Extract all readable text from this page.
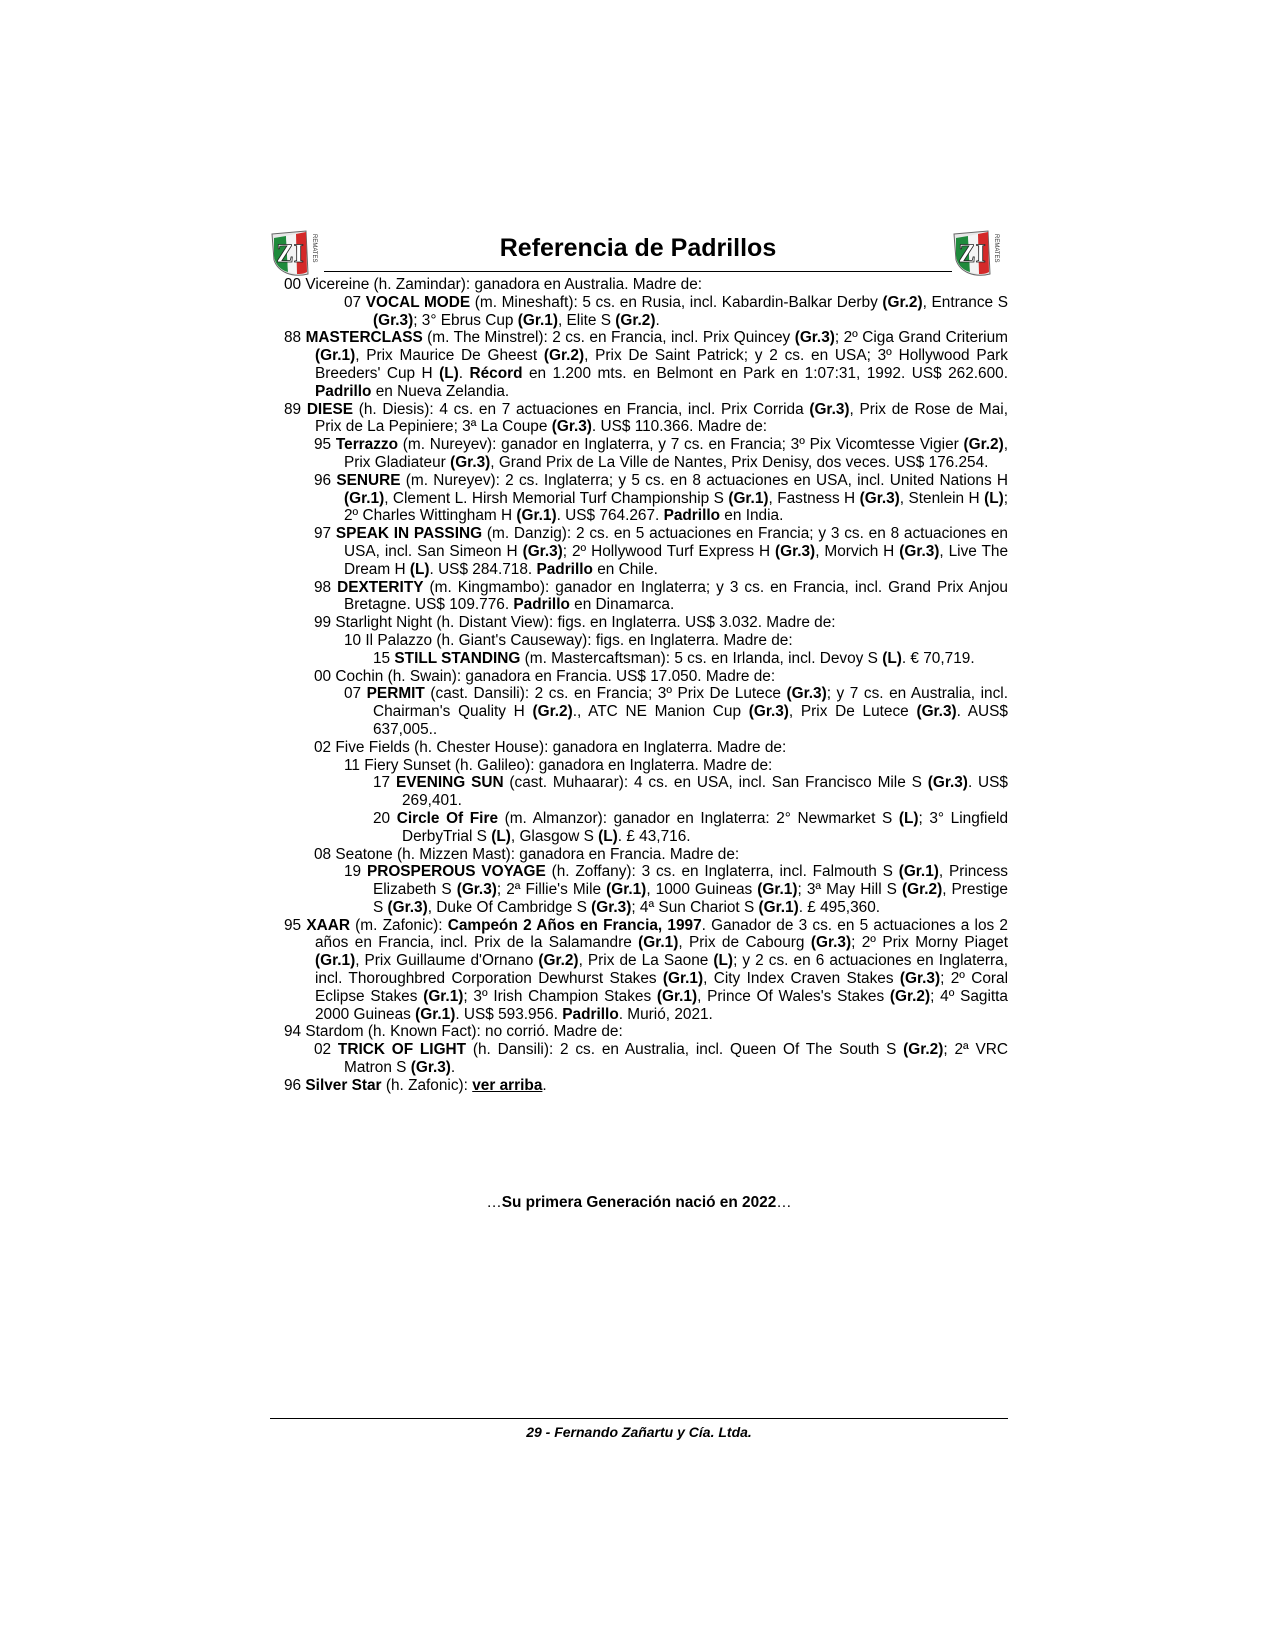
ZI REMATES	Referencia de Padrillos	ZI REMATES

00 Vicereine (h. Zamindar): ganadora en Australia. Madre de:

07 VOCAL MODE (m. Mineshaft): 5 cs. en Rusia, incl. Kabardin-Balkar Derby (Gr.2), Entrance S (Gr.3); 3° Ebrus Cup (Gr.1), Elite S (Gr.2).

88 MASTERCLASS (m. The Minstrel): 2 cs. en Francia, incl. Prix Quincey (Gr.3); 2º Ciga Grand Criterium (Gr.1), Prix Maurice De Gheest (Gr.2), Prix De Saint Patrick; y 2 cs. en USA; 3º Hollywood Park Breeders' Cup H (L). Récord en 1.200 mts. en Belmont en Park en 1:07:31, 1992. US$ 262.600. Padrillo en Nueva Zelandia.

89 DIESE (h. Diesis): 4 cs. en 7 actuaciones en Francia, incl. Prix Corrida (Gr.3), Prix de Rose de Mai, Prix de La Pepiniere; 3ª La Coupe (Gr.3). US$ 110.366. Madre de:

95 Terrazzo (m. Nureyev): ganador en Inglaterra, y 7 cs. en Francia; 3º Pix Vicomtesse Vigier (Gr.2), Prix Gladiateur (Gr.3), Grand Prix de La Ville de Nantes, Prix Denisy, dos veces. US$ 176.254.

96 SENURE (m. Nureyev): 2 cs. Inglaterra; y 5 cs. en 8 actuaciones en USA, incl. United Nations H (Gr.1), Clement L. Hirsh Memorial Turf Championship S (Gr.1), Fastness H (Gr.3), Stenlein H (L); 2º Charles Wittingham H (Gr.1). US$ 764.267. Padrillo en India.

97 SPEAK IN PASSING (m. Danzig): 2 cs. en 5 actuaciones en Francia; y 3 cs. en 8 actuaciones en USA, incl. San Simeon H (Gr.3); 2º Hollywood Turf Express H (Gr.3), Morvich H (Gr.3), Live The Dream H (L). US$ 284.718. Padrillo en Chile.

98 DEXTERITY (m. Kingmambo): ganador en Inglaterra; y 3 cs. en Francia, incl. Grand Prix Anjou Bretagne. US$ 109.776. Padrillo en Dinamarca.

99 Starlight Night (h. Distant View): figs. en Inglaterra. US$ 3.032. Madre de:

10 Il Palazzo (h. Giant's Causeway): figs. en Inglaterra. Madre de:

15 STILL STANDING (m. Mastercaftsman): 5 cs. en Irlanda, incl. Devoy S (L). € 70,719.

00 Cochin (h. Swain): ganadora en Francia. US$ 17.050. Madre de:

07 PERMIT (cast. Dansili): 2 cs. en Francia; 3º Prix De Lutece (Gr.3); y 7 cs. en Australia, incl. Chairman's Quality H (Gr.2)., ATC NE Manion Cup (Gr.3), Prix De Lutece (Gr.3). AUS$ 637,005..

02 Five Fields (h. Chester House): ganadora en Inglaterra. Madre de:

11 Fiery Sunset (h. Galileo): ganadora en Inglaterra. Madre de:

17 EVENING SUN (cast. Muhaarar): 4 cs. en USA, incl. San Francisco Mile S (Gr.3). US$ 269,401.

20 Circle Of Fire (m. Almanzor): ganador en Inglaterra: 2° Newmarket S (L); 3° Lingfield DerbyTrial S (L), Glasgow S (L). £ 43,716.

08 Seatone (h. Mizzen Mast): ganadora en Francia. Madre de:

19 PROSPEROUS VOYAGE (h. Zoffany): 3 cs. en Inglaterra, incl. Falmouth S (Gr.1), Princess Elizabeth S (Gr.3); 2ª Fillie's Mile (Gr.1), 1000 Guineas (Gr.1); 3ª May Hill S (Gr.2), Prestige S (Gr.3), Duke Of Cambridge S (Gr.3); 4ª Sun Chariot S (Gr.1). £ 495,360.

95 XAAR (m. Zafonic): Campeón 2 Años en Francia, 1997. Ganador de 3 cs. en 5 actuaciones a los 2 años en Francia, incl. Prix de la Salamandre (Gr.1), Prix de Cabourg (Gr.3); 2º Prix Morny Piaget (Gr.1), Prix Guillaume d'Ornano (Gr.2), Prix de La Saone (L); y 2 cs. en 6 actuaciones en Inglaterra, incl. Thoroughbred Corporation Dewhurst Stakes (Gr.1), City Index Craven Stakes (Gr.3); 2º Coral Eclipse Stakes (Gr.1); 3º Irish Champion Stakes (Gr.1), Prince Of Wales's Stakes (Gr.2); 4º Sagitta 2000 Guineas (Gr.1). US$ 593.956. Padrillo. Murió, 2021.

94 Stardom (h. Known Fact): no corrió. Madre de:

02 TRICK OF LIGHT (h. Dansili): 2 cs. en Australia, incl. Queen Of The South S (Gr.2); 2ª VRC Matron S (Gr.3).

96 Silver Star (h. Zafonic): ver arriba.

…Su primera Generación nació en 2022…

29 - Fernando Zañartu y Cía. Ltda.
